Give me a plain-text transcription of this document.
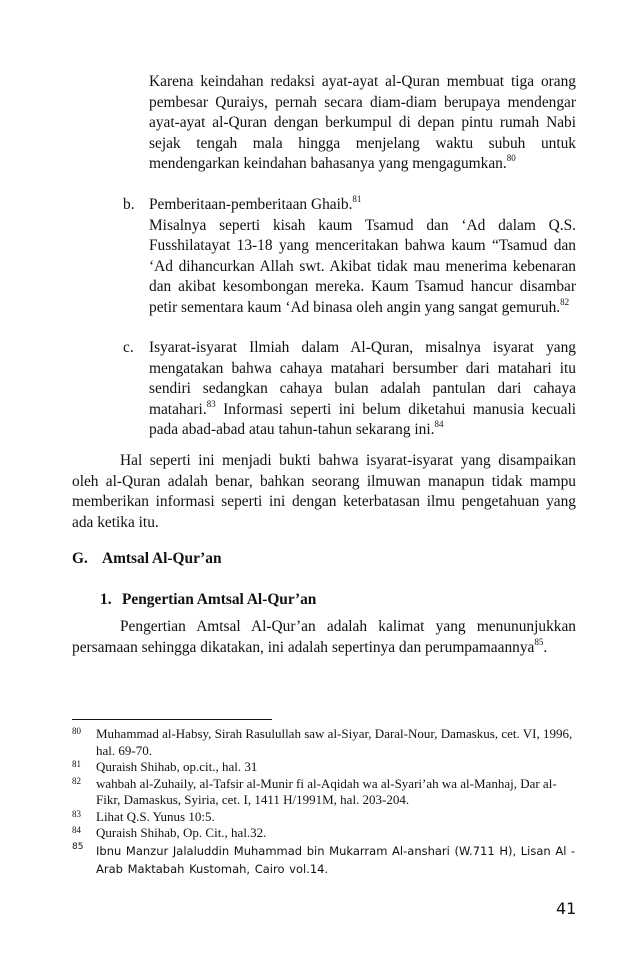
Karena keindahan redaksi ayat-ayat al-Quran membuat tiga orang pembesar Quraiys, pernah secara diam-diam berupaya mendengar ayat-ayat al-Quran dengan berkumpul di depan pintu rumah Nabi sejak tengah mala hingga menjelang waktu subuh untuk mendengarkan keindahan bahasanya yang mengagumkan.$^{80}$

b. Pemberitaan-pemberitaan Ghaib.$^{81}$

Misalnya seperti kisah kaum Tsamud dan ‘Ad dalam Q.S. Fusshilatayat 13-18 yang menceritakan bahwa kaum “Tsamud dan ‘Ad dihancurkan Allah swt. Akibat tidak mau menerima kebenaran dan akibat kesombongan mereka. Kaum Tsamud hancur disambar petir sementara kaum ‘Ad binasa oleh angin yang sangat gemuruh.$^{82}$

c. Isyarat-isyarat Ilmiah dalam Al-Quran, misalnya isyarat yang mengatakan bahwa cahaya matahari bersumber dari matahari itu sendiri sedangkan cahaya bulan adalah pantulan dari cahaya matahari.$^{83}$ Informasi seperti ini belum diketahui manusia kecuali pada abad-abad atau tahun-tahun sekarang ini.$^{84}$

Hal seperti ini menjadi bukti bahwa isyarat-isyarat yang disampaikan oleh al-Quran adalah benar, bahkan seorang ilmuwan manapun tidak mampu memberikan informasi seperti ini dengan keterbatasan ilmu pengetahuan yang ada ketika itu.

G. Amtsal Al-Qur’an
1. Pengertian Amtsal Al-Qur’an

Pengertian Amtsal Al-Qur’an adalah kalimat yang menununjukkan persamaan sehingga dikatakan, ini adalah sepertinya dan perumpamaannya$^{85}$.

80	Muhammad al-Habsy, Sirah Rasulullah saw al-Siyar, Daral-Nour, Damaskus, cet. VI, 1996, hal. 69-70.

81	Quraish Shihab, op.cit., hal. 31

82	wahbah al-Zuhaily, al-Tafsir al-Munir fi al-Aqidah wa al-Syari’ah wa al-Manhaj, Dar al-Fikr, Damaskus, Syiria, cet. I, 1411 H/1991M, hal. 203-204.

83	Lihat Q.S. Yunus 10:5.

84	Quraish Shihab, Op. Cit., hal.32.

85	Ibnu Manzur Jalaluddin Muhammad bin Mukarram Al-anshari (W.711 H), Lisan Al - Arab Maktabah Kustomah, Cairo vol.14.

41
